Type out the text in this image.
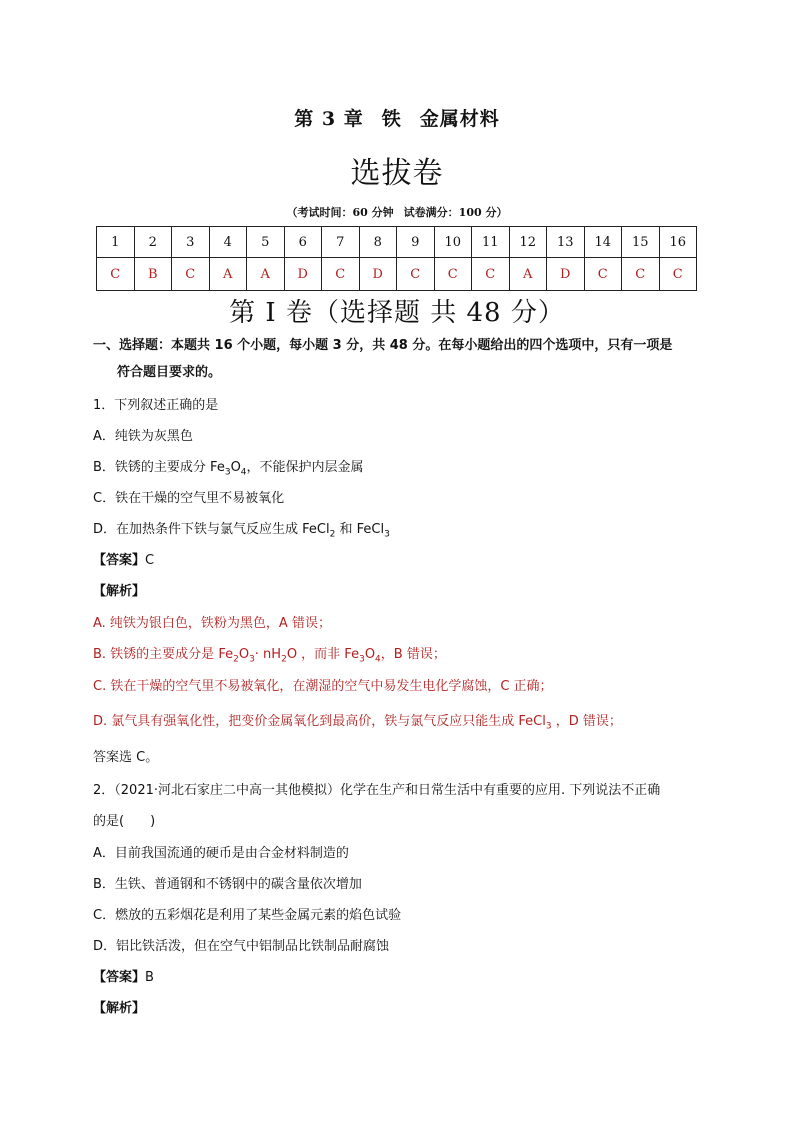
第 3 章 铁 金属材料
选拔卷
（考试时间：60 分钟 试卷满分：100 分）
1	2	3	4	5	6	7	8	9	10	11	12	13	14	15	16
C	B	C	A	A	D	C	D	C	C	C	A	D	C	C	C
第 I 卷（选择题 共 48 分）
一、选择题：本题共 16 个小题，每小题 3 分，共 48 分。在每小题给出的四个选项中，只有一项是
符合题目要求的。
1．下列叙述正确的是
A．纯铁为灰黑色
B．铁锈的主要成分 $Fe_3O_4$，不能保护内层金属
C．铁在干燥的空气里不易被氧化
D．在加热条件下铁与氯气反应生成 FeCl$_2$ 和 FeCl$_3$
【答案】C
【解析】
A. 纯铁为银白色，铁粉为黑色，A 错误；
B. 铁锈的主要成分是 $Fe_2O_3\cdot nH_2O$ ，而非 $Fe_3O_4$，B 错误；
C. 铁在干燥的空气里不易被氧化，在潮湿的空气中易发生电化学腐蚀，C 正确；
D. 氯气具有强氧化性，把变价金属氧化到最高价，铁与氯气反应只能生成 FeCl$_3$ ，D 错误；
答案选 C。
2．（2021·河北石家庄二中高一其他模拟）化学在生产和日常生活中有重要的应用. 下列说法不正确
的是(　　)
A．目前我国流通的硬币是由合金材料制造的
B．生铁、普通钢和不锈钢中的碳含量依次增加
C．燃放的五彩烟花是利用了某些金属元素的焰色试验
D．铝比铁活泼，但在空气中铝制品比铁制品耐腐蚀
【答案】B
【解析】
